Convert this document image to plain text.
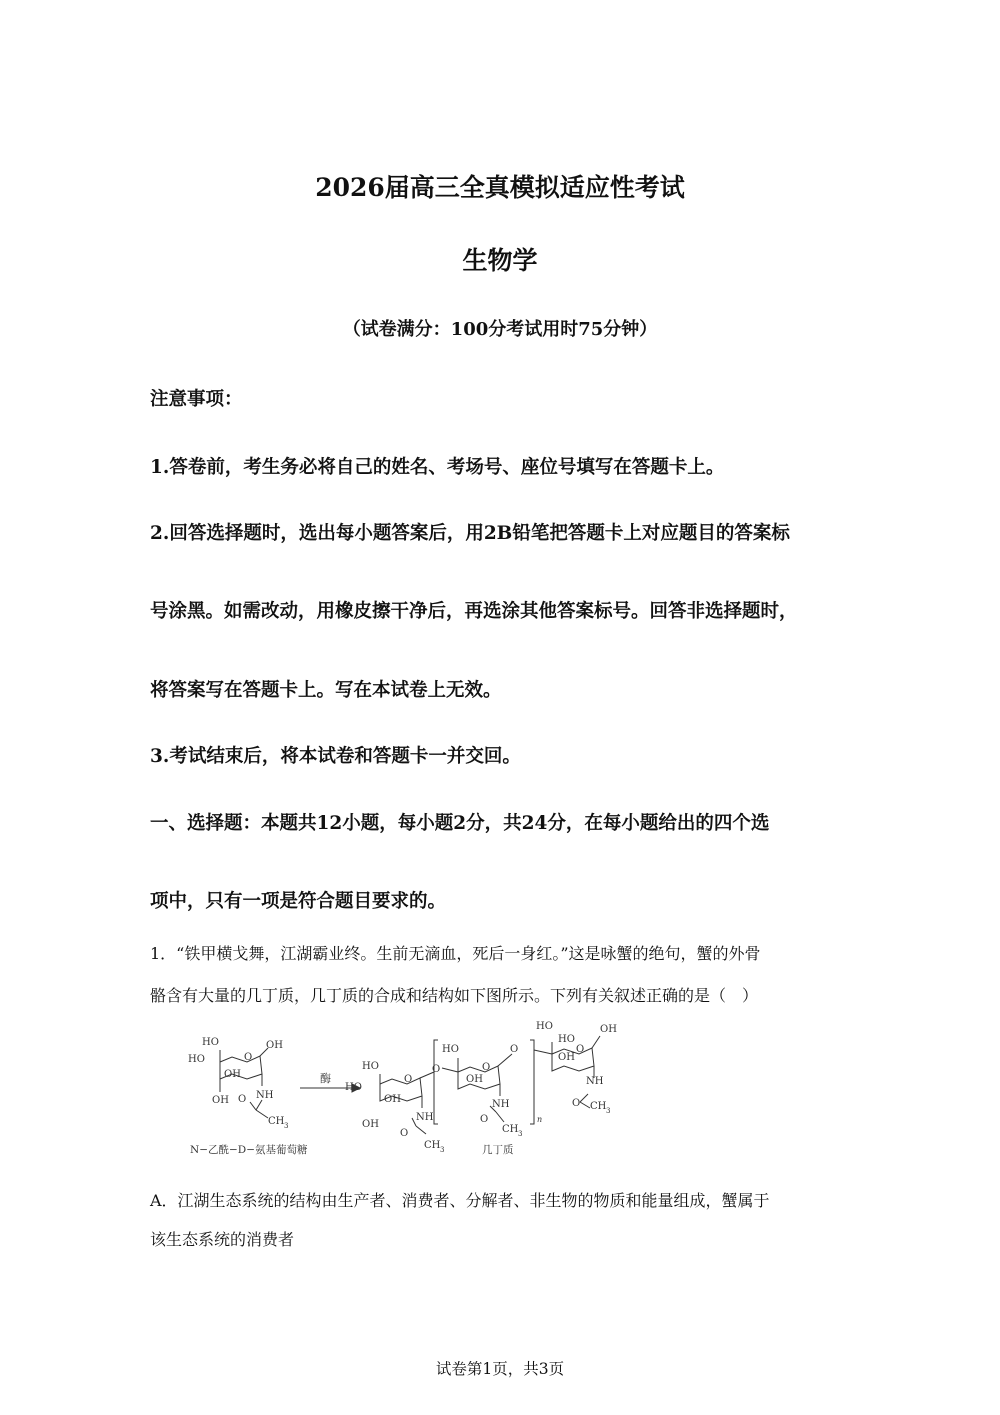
2026届高三全真模拟适应性考试
生物学
（试卷满分：100分考试用时75分钟）
注意事项：
1.答卷前，考生务必将自己的姓名、考场号、座位号填写在答题卡上。
2.回答选择题时，选出每小题答案后，用2B铅笔把答题卡上对应题目的答案标
号涂黑。如需改动，用橡皮擦干净后，再选涂其他答案标号。回答非选择题时，
将答案写在答题卡上。写在本试卷上无效。
3.考试结束后，将本试卷和答题卡一并交回。
一、选择题：本题共12小题，每小题2分，共24分，在每小题给出的四个选
项中，只有一项是符合题目要求的。
1．“铁甲横戈舞，江湖霸业终。生前无滴血，死后一身红。”这是咏蟹的绝句，蟹的外骨
骼含有大量的几丁质，几丁质的合成和结构如下图所示。下列有关叙述正确的是（　）
HO
O
OH
HO
OH
OH	NH
O
CH 3
N−乙酰−D−氨基葡萄糖
酶
HO
O
HO
OH
OH
NH
O
CH 3
O
HO
O
OH
NH
O
CH 3
O
n
HO	OH
O
HO
OH
NH
O CH 3
几丁质
A．江湖生态系统的结构由生产者、消费者、分解者、非生物的物质和能量组成，蟹属于
该生态系统的消费者
试卷第1页，共3页
